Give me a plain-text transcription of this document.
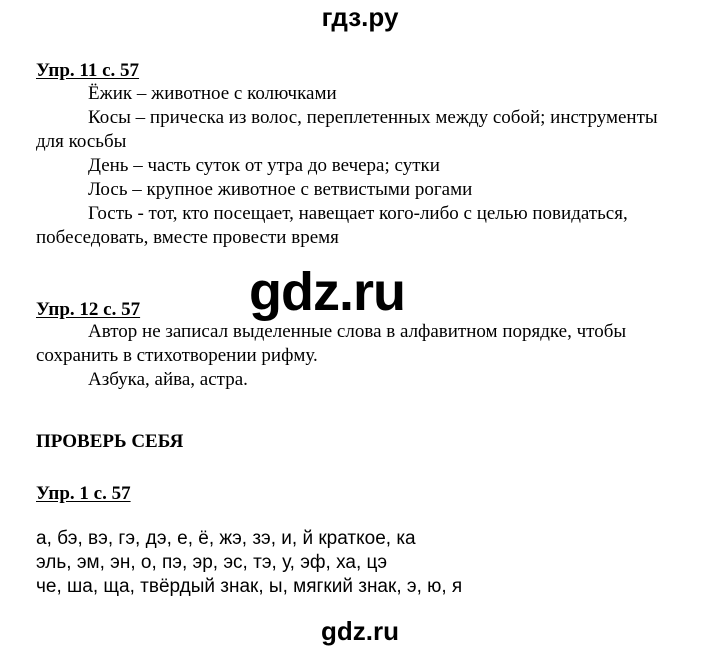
гдз.ру
Упр. 11 с. 57
Ёжик – животное с колючками
Косы – прическа из волос, переплетенных между собой; инструменты
для косьбы
День – часть суток от утра до вечера; сутки
Лось – крупное животное с ветвистыми рогами
Гость - тот, кто посещает, навещает кого-либо с целью повидаться,
побеседовать, вместе провести время
gdz.ru
Упр. 12 с. 57
Автор не записал выделенные слова в алфавитном порядке, чтобы
сохранить в стихотворении рифму.
Азбука, айва, астра.
ПРОВЕРЬ СЕБЯ
Упр. 1 с. 57
а, бэ, вэ, гэ, дэ, е, ё, жэ, зэ, и, й краткое, ка
эль, эм, эн, о, пэ, эр, эс, тэ, у, эф, ха, цэ
че, ша, ща, твёрдый знак, ы, мягкий знак, э, ю, я
gdz.ru
